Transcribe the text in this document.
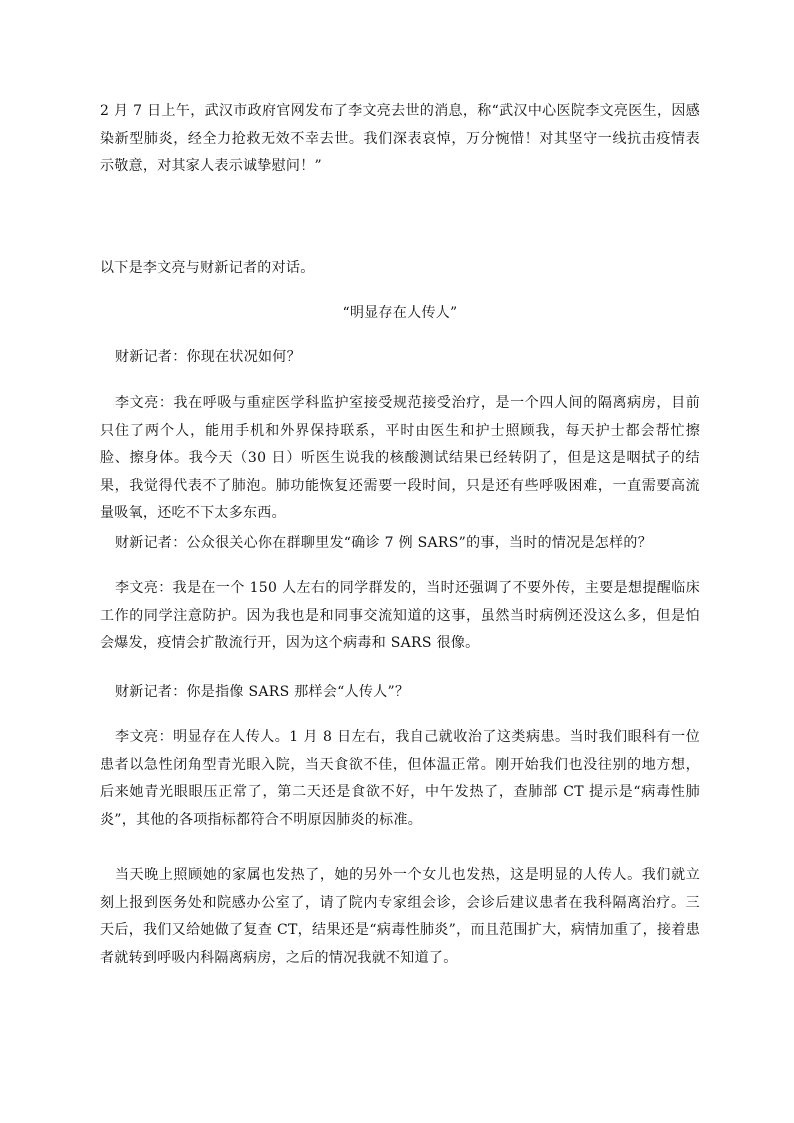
2 月 7 日上午，武汉市政府官网发布了李文亮去世的消息，称“武汉中心医院李文亮医生，因感染新型肺炎，经全力抢救无效不幸去世。我们深表哀悼，万分惋惜！对其坚守一线抗击疫情表示敬意，对其家人表示诚挚慰问！”

以下是李文亮与财新记者的对话。

“明显存在人传人”

财新记者：你现在状况如何？

李文亮：我在呼吸与重症医学科监护室接受规范接受治疗，是一个四人间的隔离病房，目前只住了两个人，能用手机和外界保持联系，平时由医生和护士照顾我，每天护士都会帮忙擦脸、擦身体。我今天（30 日）听医生说我的核酸测试结果已经转阴了，但是这是咽拭子的结果，我觉得代表不了肺泡。肺功能恢复还需要一段时间，只是还有些呼吸困难，一直需要高流量吸氧，还吃不下太多东西。

财新记者：公众很关心你在群聊里发“确诊 7 例 SARS”的事，当时的情况是怎样的？

李文亮：我是在一个 150 人左右的同学群发的，当时还强调了不要外传，主要是想提醒临床工作的同学注意防护。因为我也是和同事交流知道的这事，虽然当时病例还没这么多，但是怕会爆发，疫情会扩散流行开，因为这个病毒和 SARS 很像。

财新记者：你是指像 SARS 那样会“人传人”？

李文亮：明显存在人传人。1 月 8 日左右，我自己就收治了这类病患。当时我们眼科有一位患者以急性闭角型青光眼入院，当天食欲不佳，但体温正常。刚开始我们也没往别的地方想，后来她青光眼眼压正常了，第二天还是食欲不好，中午发热了，查肺部 CT 提示是“病毒性肺炎”，其他的各项指标都符合不明原因肺炎的标准。

当天晚上照顾她的家属也发热了，她的另外一个女儿也发热，这是明显的人传人。我们就立刻上报到医务处和院感办公室了，请了院内专家组会诊，会诊后建议患者在我科隔离治疗。三天后，我们又给她做了复查 CT，结果还是“病毒性肺炎”，而且范围扩大，病情加重了，接着患者就转到呼吸内科隔离病房，之后的情况我就不知道了。
